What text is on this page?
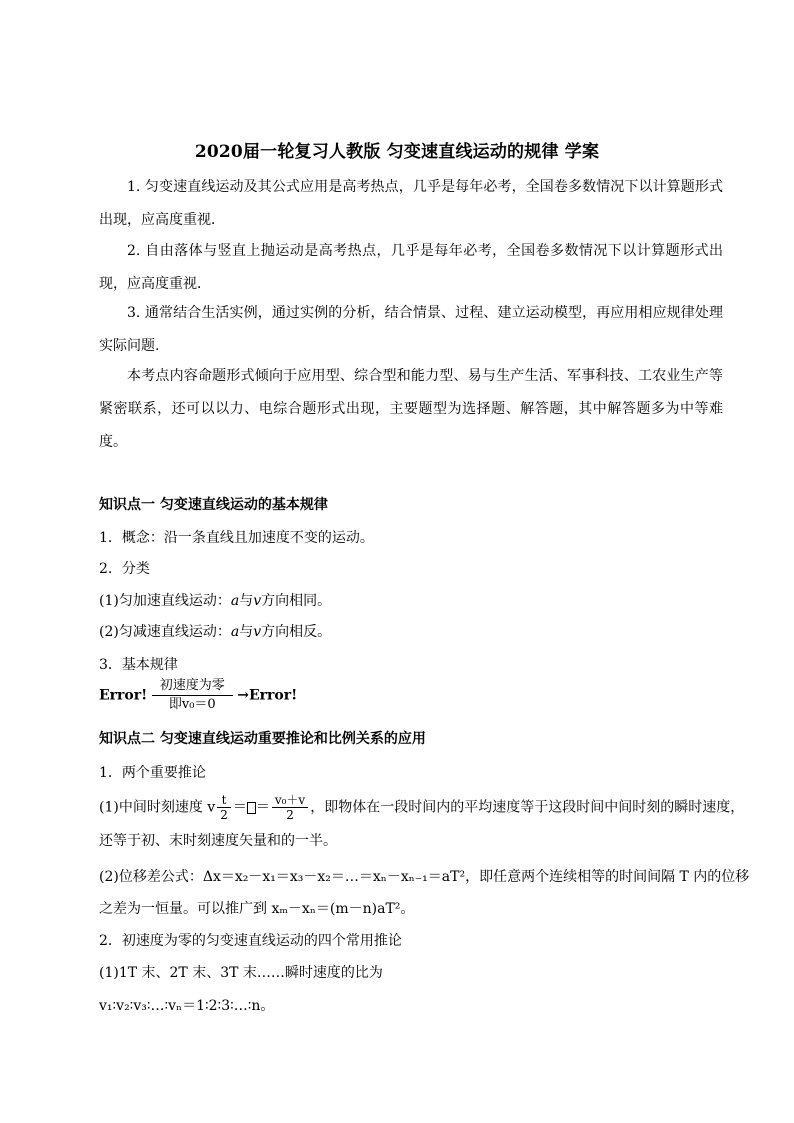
2020届一轮复习人教版 匀变速直线运动的规律 学案
1. 匀变速直线运动及其公式应用是高考热点，几乎是每年必考，全国卷多数情况下以计算题形式出现，应高度重视．
2. 自由落体与竖直上抛运动是高考热点，几乎是每年必考，全国卷多数情况下以计算题形式出现，应高度重视．
3. 通常结合生活实例，通过实例的分析，结合情景、过程、建立运动模型，再应用相应规律处理实际问题.
本考点内容命题形式倾向于应用型、综合型和能力型、易与生产生活、军事科技、工农业生产等紧密联系，还可以以力、电综合题形式出现，主要题型为选择题、解答题，其中解答题多为中等难度。
知识点一 匀变速直线运动的基本规律
1．概念：沿一条直线且加速度不变的运动。
2．分类
(1)匀加速直线运动：a与v方向相同。
(2)匀减速直线运动：a与v方向相反。
3．基本规律
Error! $\frac{\text{初速度为零}}{\text{即v₀＝0}}$ →Error!
知识点二 匀变速直线运动重要推论和比例关系的应用
1．两个重要推论
(1)中间时刻速度 v $\frac{t}{2}$ ＝ ＝ $\frac{\text{v₀＋v}}{2}$ ，即物体在一段时间内的平均速度等于这段时间中间时刻的瞬时速度，
还等于初、末时刻速度矢量和的一半。
(2)位移差公式：Δx＝x₂－x₁＝x₃－x₂＝…＝xₙ－xₙ₋₁＝aT²，即任意两个连续相等的时间间隔 T 内的位移
之差为一恒量。可以推广到 xₘ－xₙ＝(m－n)aT²。
2．初速度为零的匀变速直线运动的四个常用推论
(1)1T 末、2T 末、3T 末……瞬时速度的比为
v₁∶v₂∶v₃∶…∶vₙ＝1∶2∶3∶…∶n。
